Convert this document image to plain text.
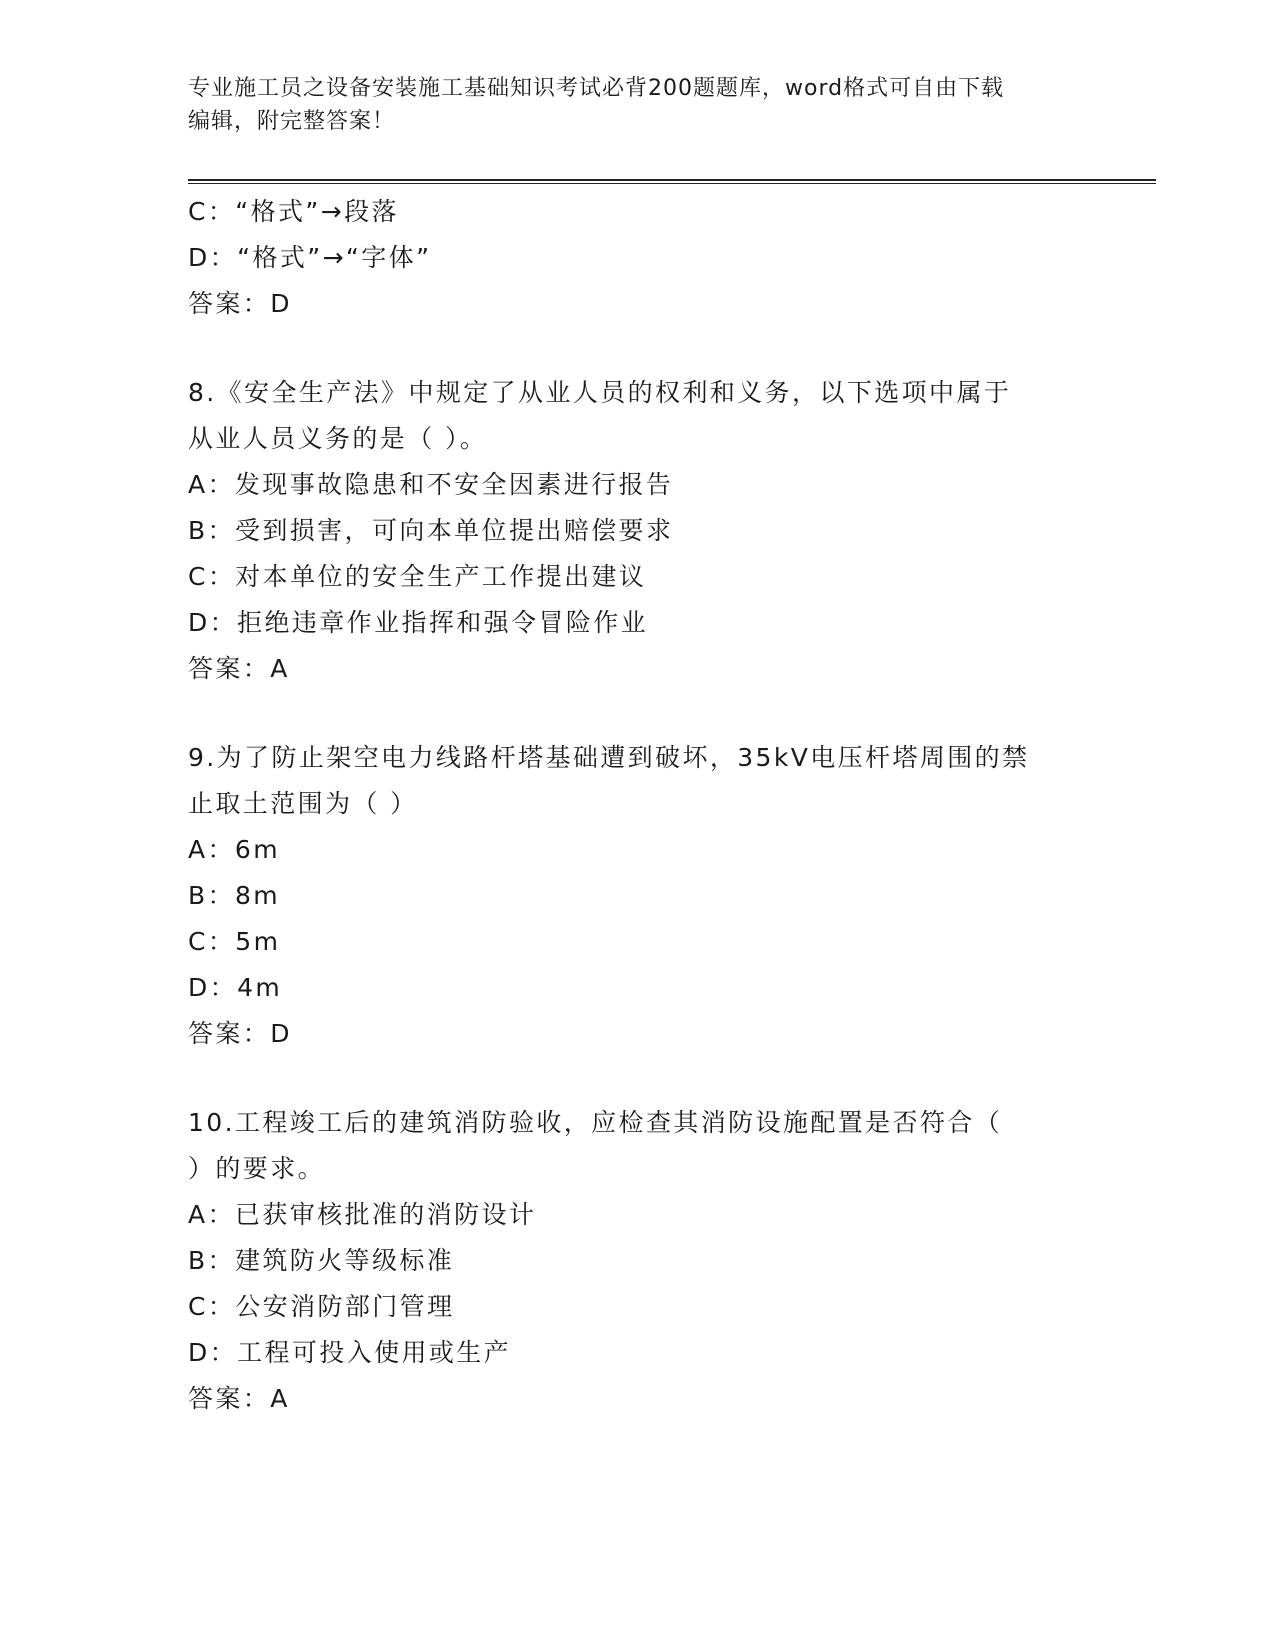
专业施工员之设备安装施工基础知识考试必背200题题库，word格式可自由下载
编辑，附完整答案！
C：“格式”→段落
D：“格式”→“字体”
答案：D
8.《安全生产法》中规定了从业人员的权利和义务，以下选项中属于
从业人员义务的是（ ）。
A：发现事故隐患和不安全因素进行报告
B：受到损害，可向本单位提出赔偿要求
C：对本单位的安全生产工作提出建议
D：拒绝违章作业指挥和强令冒险作业
答案：A
9.为了防止架空电力线路杆塔基础遭到破坏，35kV电压杆塔周围的禁
止取土范围为（ ）
A：6m
B：8m
C：5m
D：4m
答案：D
10.工程竣工后的建筑消防验收，应检查其消防设施配置是否符合（
）的要求。
A：已获审核批准的消防设计
B：建筑防火等级标准
C：公安消防部门管理
D：工程可投入使用或生产
答案：A
